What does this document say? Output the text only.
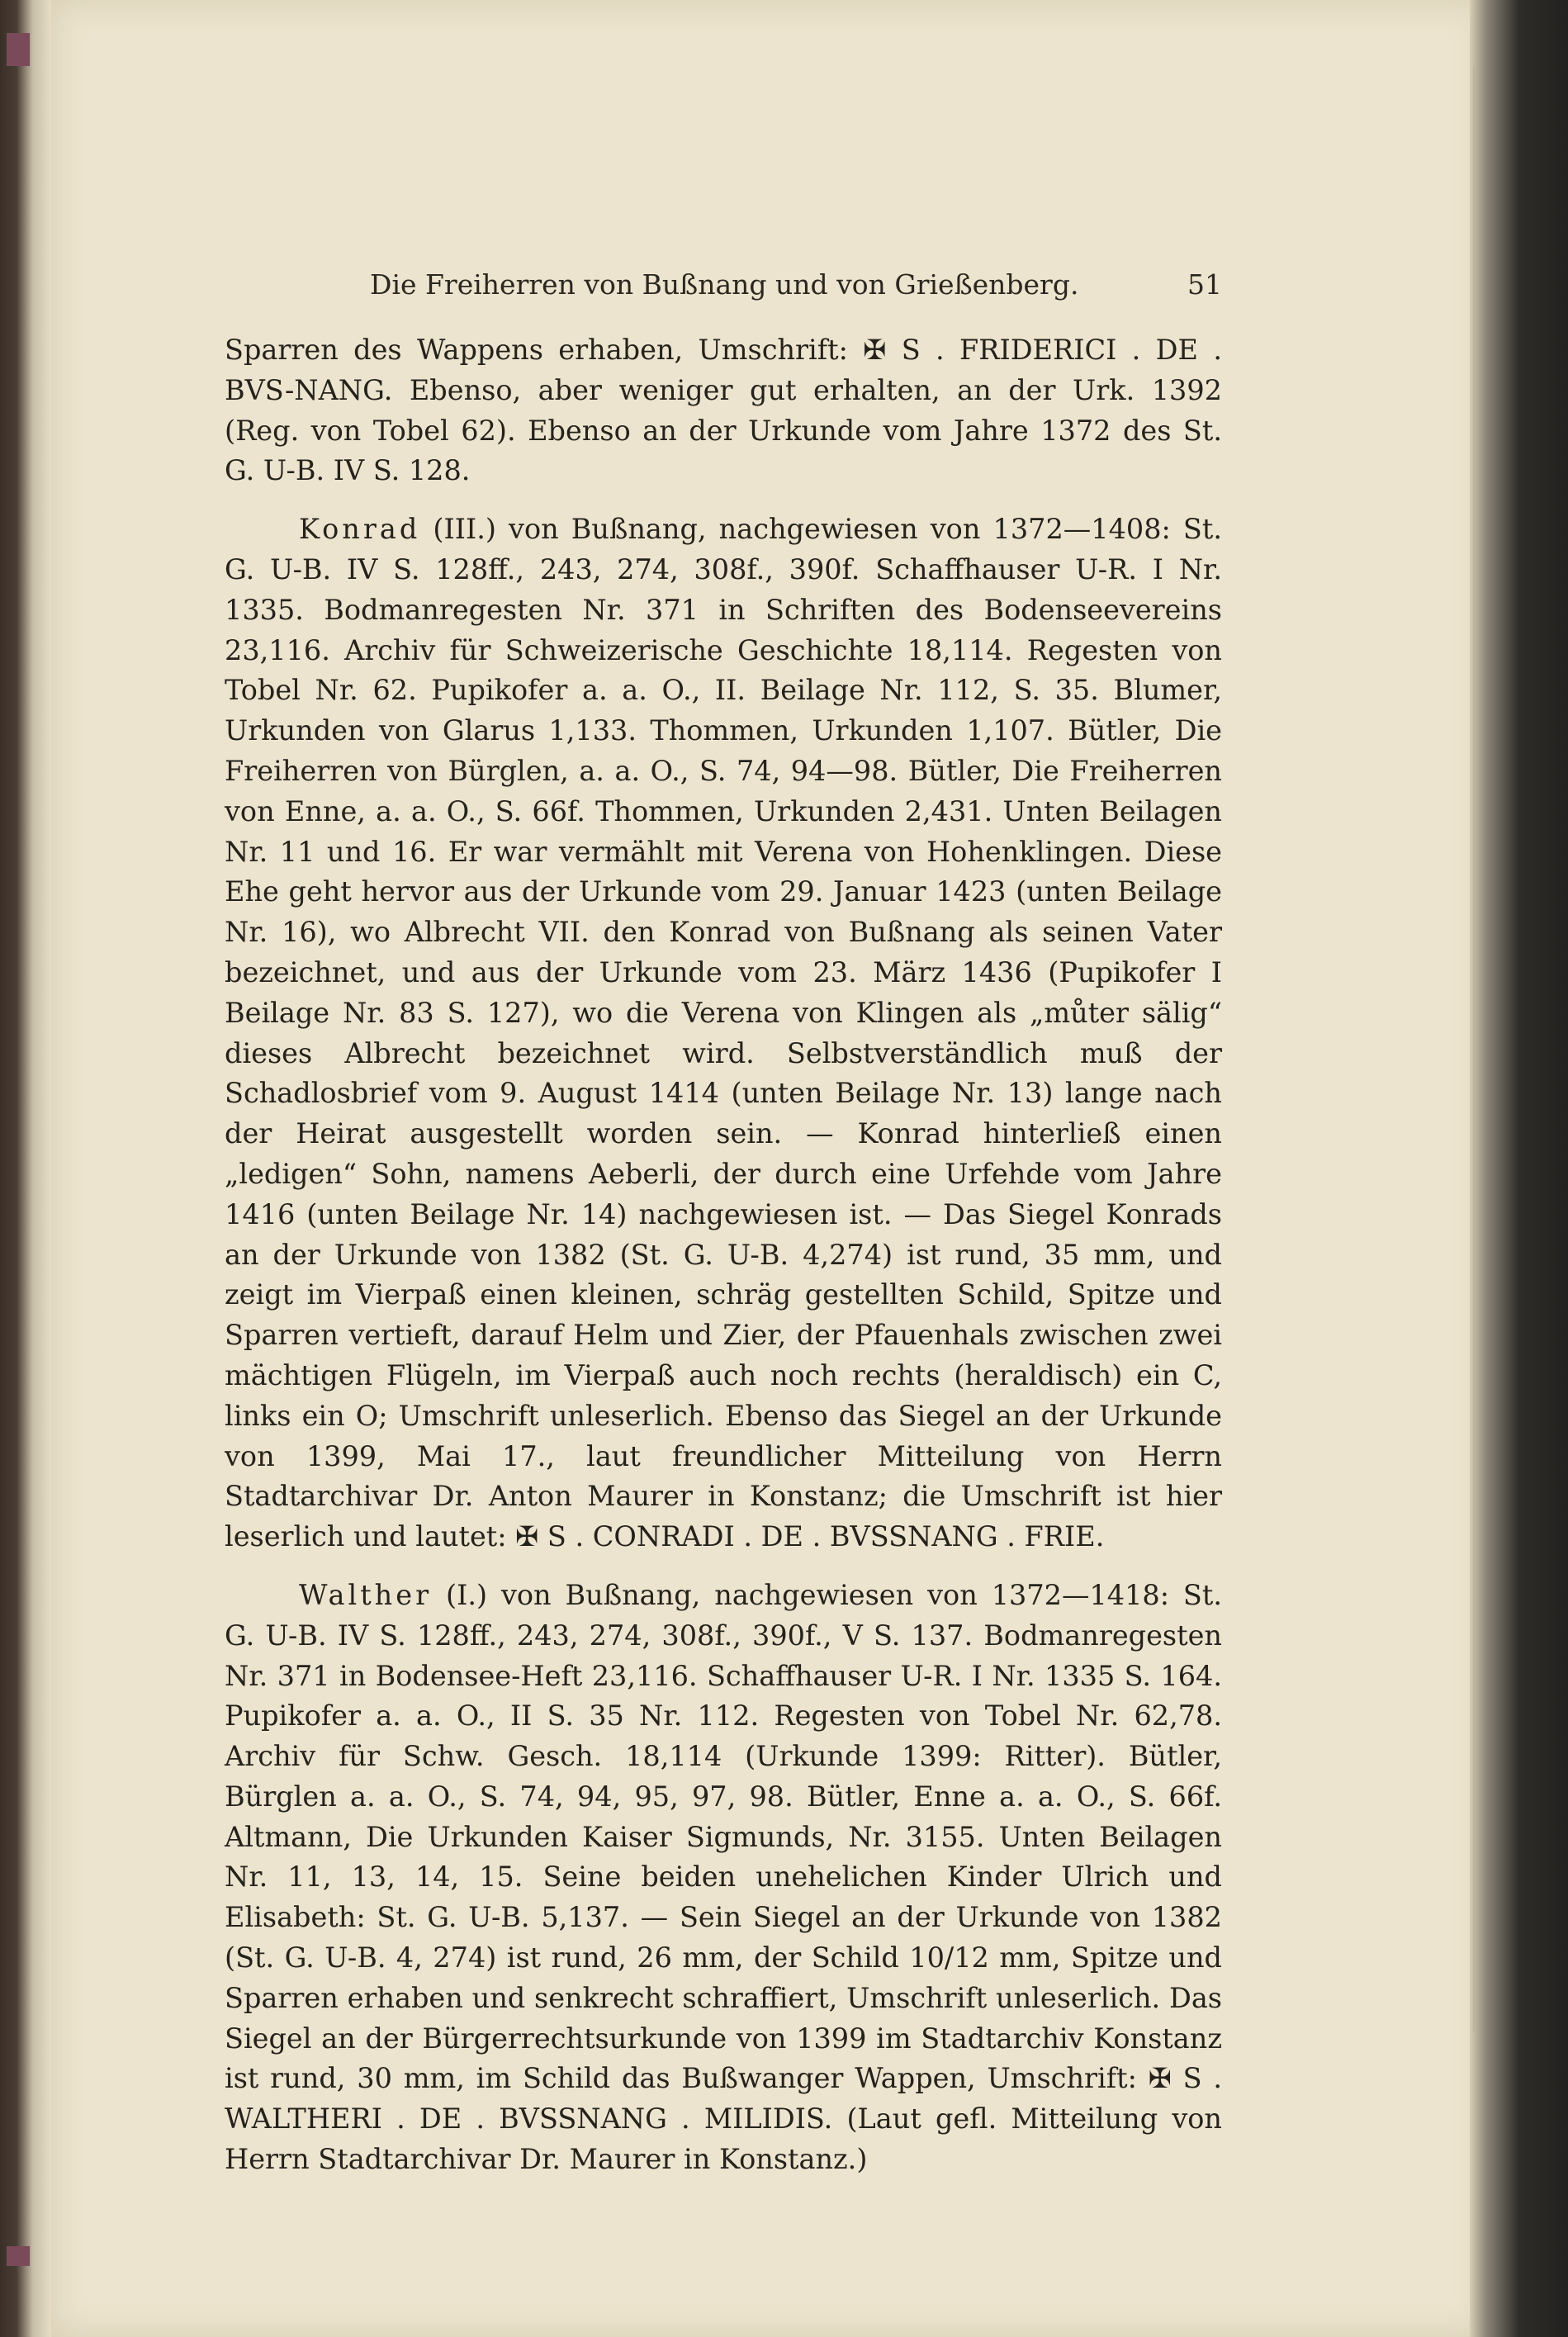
Die Freiherren von Bußnang und von Grießenberg.	51

Sparren des Wappens erhaben, Umschrift: ✠ S . FRIDERICI . DE . BVS-NANG. Ebenso, aber weniger gut erhalten, an der Urk. 1392 (Reg. von Tobel 62). Ebenso an der Urkunde vom Jahre 1372 des St. G. U-B. IV S. 128.

Konrad (III.) von Bußnang, nachgewiesen von 1372—1408: St. G. U-B. IV S. 128ff., 243, 274, 308f., 390f. Schaffhauser U-R. I Nr. 1335. Bodmanregesten Nr. 371 in Schriften des Bodenseevereins 23,116. Archiv für Schweizerische Geschichte 18,114. Regesten von Tobel Nr. 62. Pupikofer a. a. O., II. Beilage Nr. 112, S. 35. Blumer, Urkunden von Glarus 1,133. Thommen, Urkunden 1,107. Bütler, Die Freiherren von Bürglen, a. a. O., S. 74, 94—98. Bütler, Die Freiherren von Enne, a. a. O., S. 66f. Thommen, Urkunden 2,431. Unten Beilagen Nr. 11 und 16. Er war vermählt mit Verena von Hohenklingen. Diese Ehe geht hervor aus der Urkunde vom 29. Januar 1423 (unten Beilage Nr. 16), wo Albrecht VII. den Konrad von Bußnang als seinen Vater bezeichnet, und aus der Urkunde vom 23. März 1436 (Pupikofer I Beilage Nr. 83 S. 127), wo die Verena von Klingen als „můter sälig“ dieses Albrecht bezeichnet wird. Selbstverständlich muß der Schadlosbrief vom 9. August 1414 (unten Beilage Nr. 13) lange nach der Heirat ausgestellt worden sein. — Konrad hinterließ einen „ledigen“ Sohn, namens Aeberli, der durch eine Urfehde vom Jahre 1416 (unten Beilage Nr. 14) nachgewiesen ist. — Das Siegel Konrads an der Urkunde von 1382 (St. G. U-B. 4,274) ist rund, 35 mm, und zeigt im Vierpaß einen kleinen, schräg gestellten Schild, Spitze und Sparren vertieft, darauf Helm und Zier, der Pfauenhals zwischen zwei mächtigen Flügeln, im Vierpaß auch noch rechts (heraldisch) ein C, links ein O; Umschrift unleserlich. Ebenso das Siegel an der Urkunde von 1399, Mai 17., laut freundlicher Mitteilung von Herrn Stadtarchivar Dr. Anton Maurer in Konstanz; die Umschrift ist hier leserlich und lautet: ✠ S . CONRADI . DE . BVSSNANG . FRIE.

Walther (I.) von Bußnang, nachgewiesen von 1372—1418: St. G. U-B. IV S. 128ff., 243, 274, 308f., 390f., V S. 137. Bodmanregesten Nr. 371 in Bodensee-Heft 23,116. Schaffhauser U-R. I Nr. 1335 S. 164. Pupikofer a. a. O., II S. 35 Nr. 112. Regesten von Tobel Nr. 62,78. Archiv für Schw. Gesch. 18,114 (Urkunde 1399: Ritter). Bütler, Bürglen a. a. O., S. 74, 94, 95, 97, 98. Bütler, Enne a. a. O., S. 66f. Altmann, Die Urkunden Kaiser Sigmunds, Nr. 3155. Unten Beilagen Nr. 11, 13, 14, 15. Seine beiden unehelichen Kinder Ulrich und Elisabeth: St. G. U-B. 5,137. — Sein Siegel an der Urkunde von 1382 (St. G. U-B. 4, 274) ist rund, 26 mm, der Schild 10/12 mm, Spitze und Sparren erhaben und senkrecht schraffiert, Umschrift unleserlich. Das Siegel an der Bürgerrechtsurkunde von 1399 im Stadtarchiv Konstanz ist rund, 30 mm, im Schild das Bußwanger Wappen, Umschrift: ✠ S . WALTHERI . DE . BVSSNANG . MILIDIS. (Laut gefl. Mitteilung von Herrn Stadtarchivar Dr. Maurer in Konstanz.)
